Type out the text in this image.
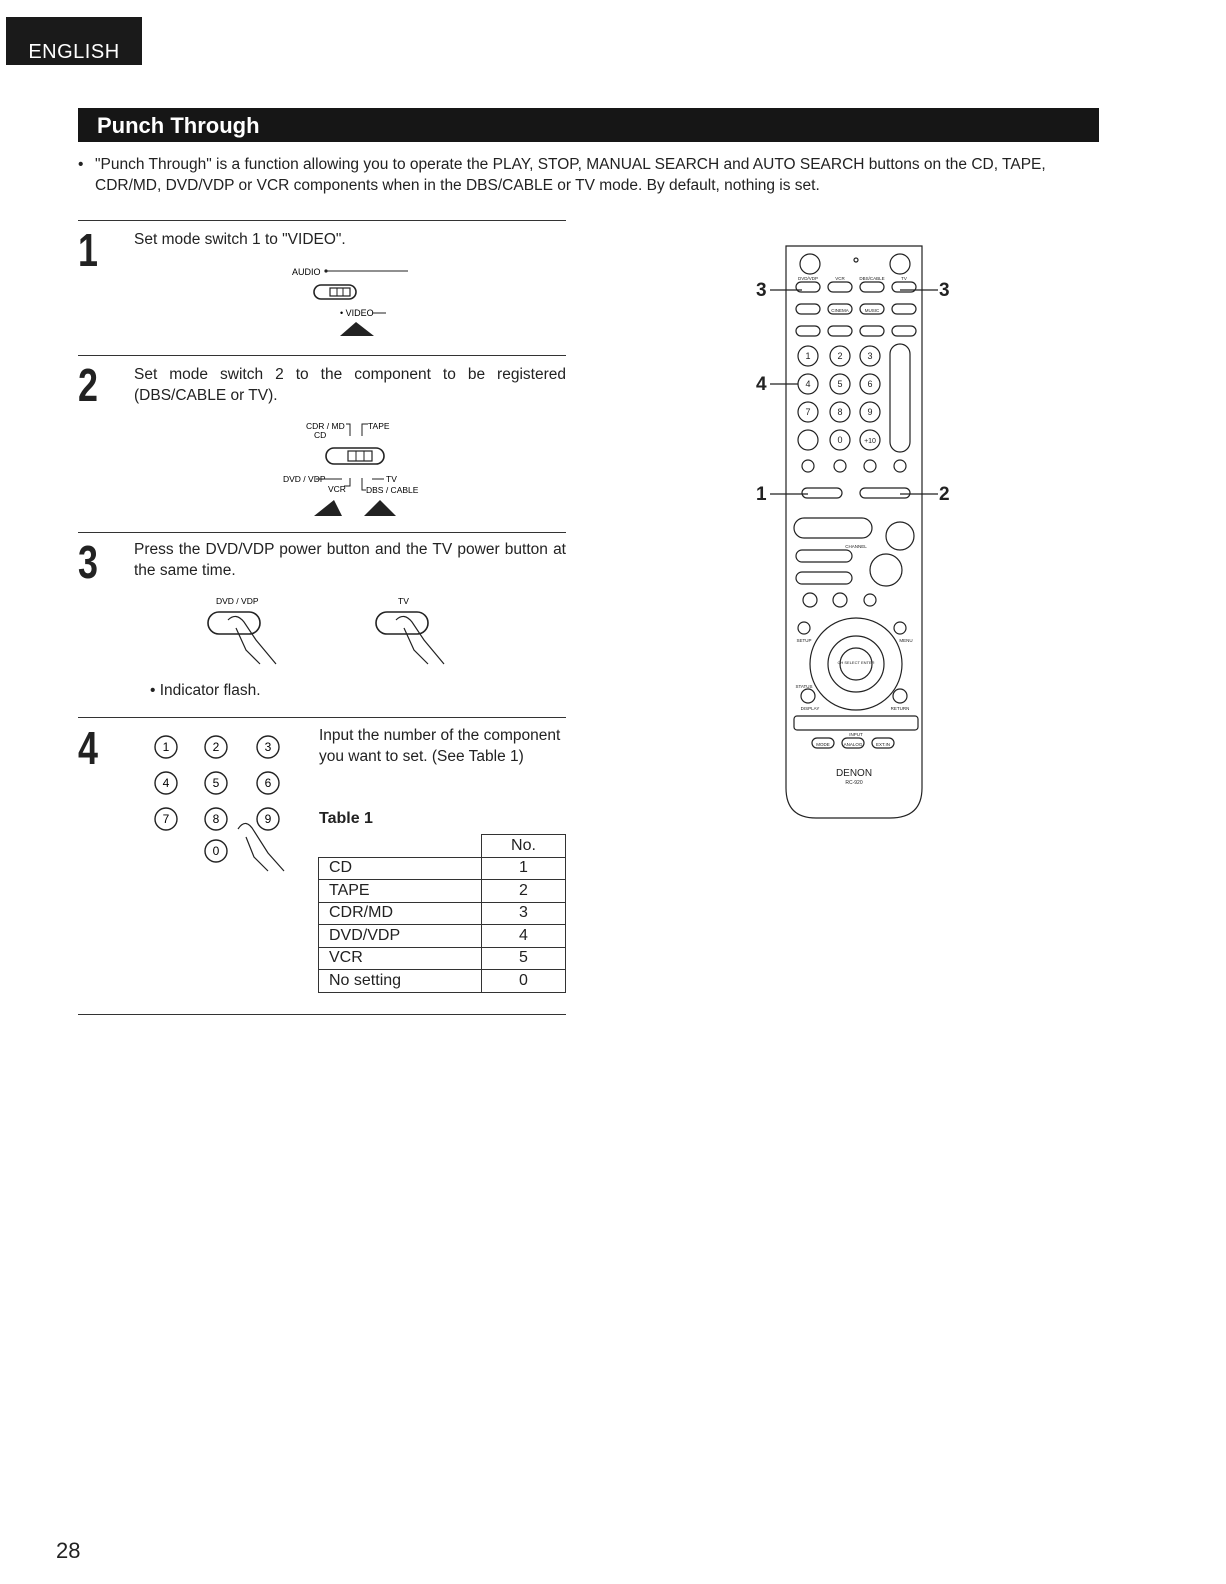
ENGLISH
Punch Through
• "Punch Through" is a function allowing you to operate the PLAY, STOP, MANUAL SEARCH and AUTO SEARCH buttons on the CD, TAPE, CDR/MD, DVD/VDP or VCR components when in the DBS/CABLE or TV mode. By default, nothing is set.
1 Set mode switch 1 to "VIDEO".
AUDIO
• VIDEO
2 Set mode switch 2 to the component to be registered (DBS/CABLE or TV).
CDR / MD
CD
TAPE
DVD / VDP
VCR
TV
DBS / CABLE
3 Press the DVD/VDP power button and the TV power button at the same time.
DVD / VDP	TV
• Indicator flash.
4	Input the number of the component you want to set. (See Table 1)
1	2	3
4	5	6
7	8	9
0
Table 1
	No.
CD	1
TAPE	2
CDR/MD	3
DVD/VDP	4
VCR	5
No setting	0
1	2	3
4	5	6
7	8	9
0	+10
DVD/VDP	VCR	DBS/CABLE	TV
CINEMA	MUSIC
CHANNEL
SETUP	MENU
CH SELECT ENTER
STATUS
DISPLAY	RETURN
INPUT
MODE	ANALOG	EXT.IN
DENON
RC-920
3	3
4
1	2
28
